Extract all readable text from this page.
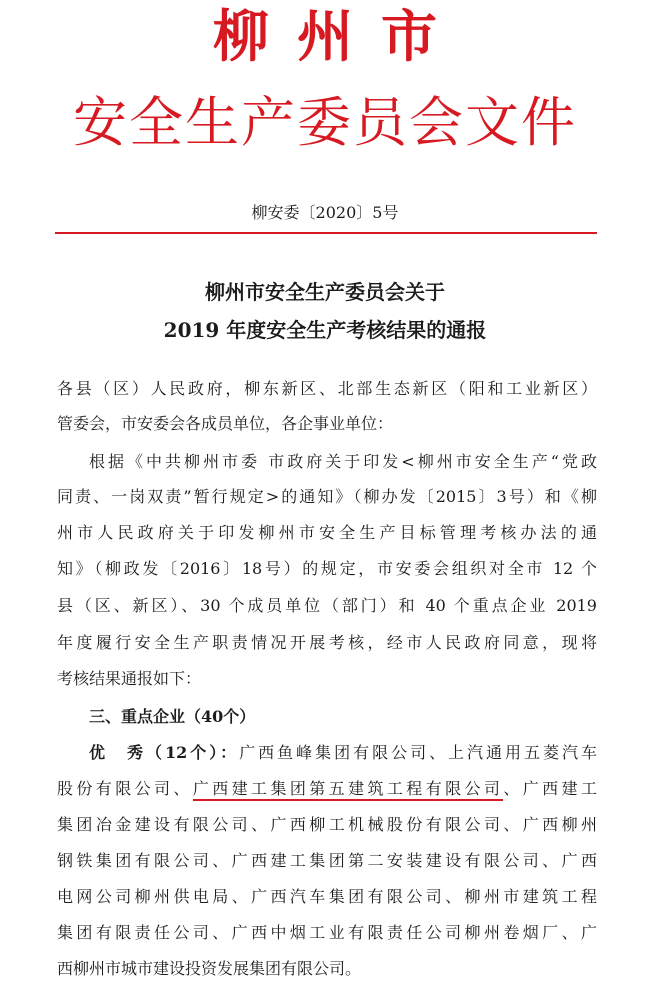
柳州市
安全生产委员会文件
柳安委〔2020〕5号
柳州市安全生产委员会关于
2019 年度安全生产考核结果的通报
各县（区）人民政府，柳东新区、北部生态新区（阳和工业新区）
管委会，市安委会各成员单位，各企事业单位：
根据《中共柳州市委 市政府关于印发<柳州市安全生产“党政
同责、一岗双责”暂行规定>的通知》（柳办发〔2015〕3号）和《柳
州市人民政府关于印发柳州市安全生产目标管理考核办法的通
知》（柳政发〔2016〕18号）的规定，市安委会组织对全市 12 个
县（区、新区）、30 个成员单位（部门）和 40 个重点企业 2019
年度履行安全生产职责情况开展考核，经市人民政府同意，现将
考核结果通报如下：
三、重点企业（40个）
优　秀（12个）：广西鱼峰集团有限公司、上汽通用五菱汽车
股份有限公司、广西建工集团第五建筑工程有限公司、广西建工
集团冶金建设有限公司、广西柳工机械股份有限公司、广西柳州
钢铁集团有限公司、广西建工集团第二安装建设有限公司、广西
电网公司柳州供电局、广西汽车集团有限公司、柳州市建筑工程
集团有限责任公司、广西中烟工业有限责任公司柳州卷烟厂、广
西柳州市城市建设投资发展集团有限公司。
